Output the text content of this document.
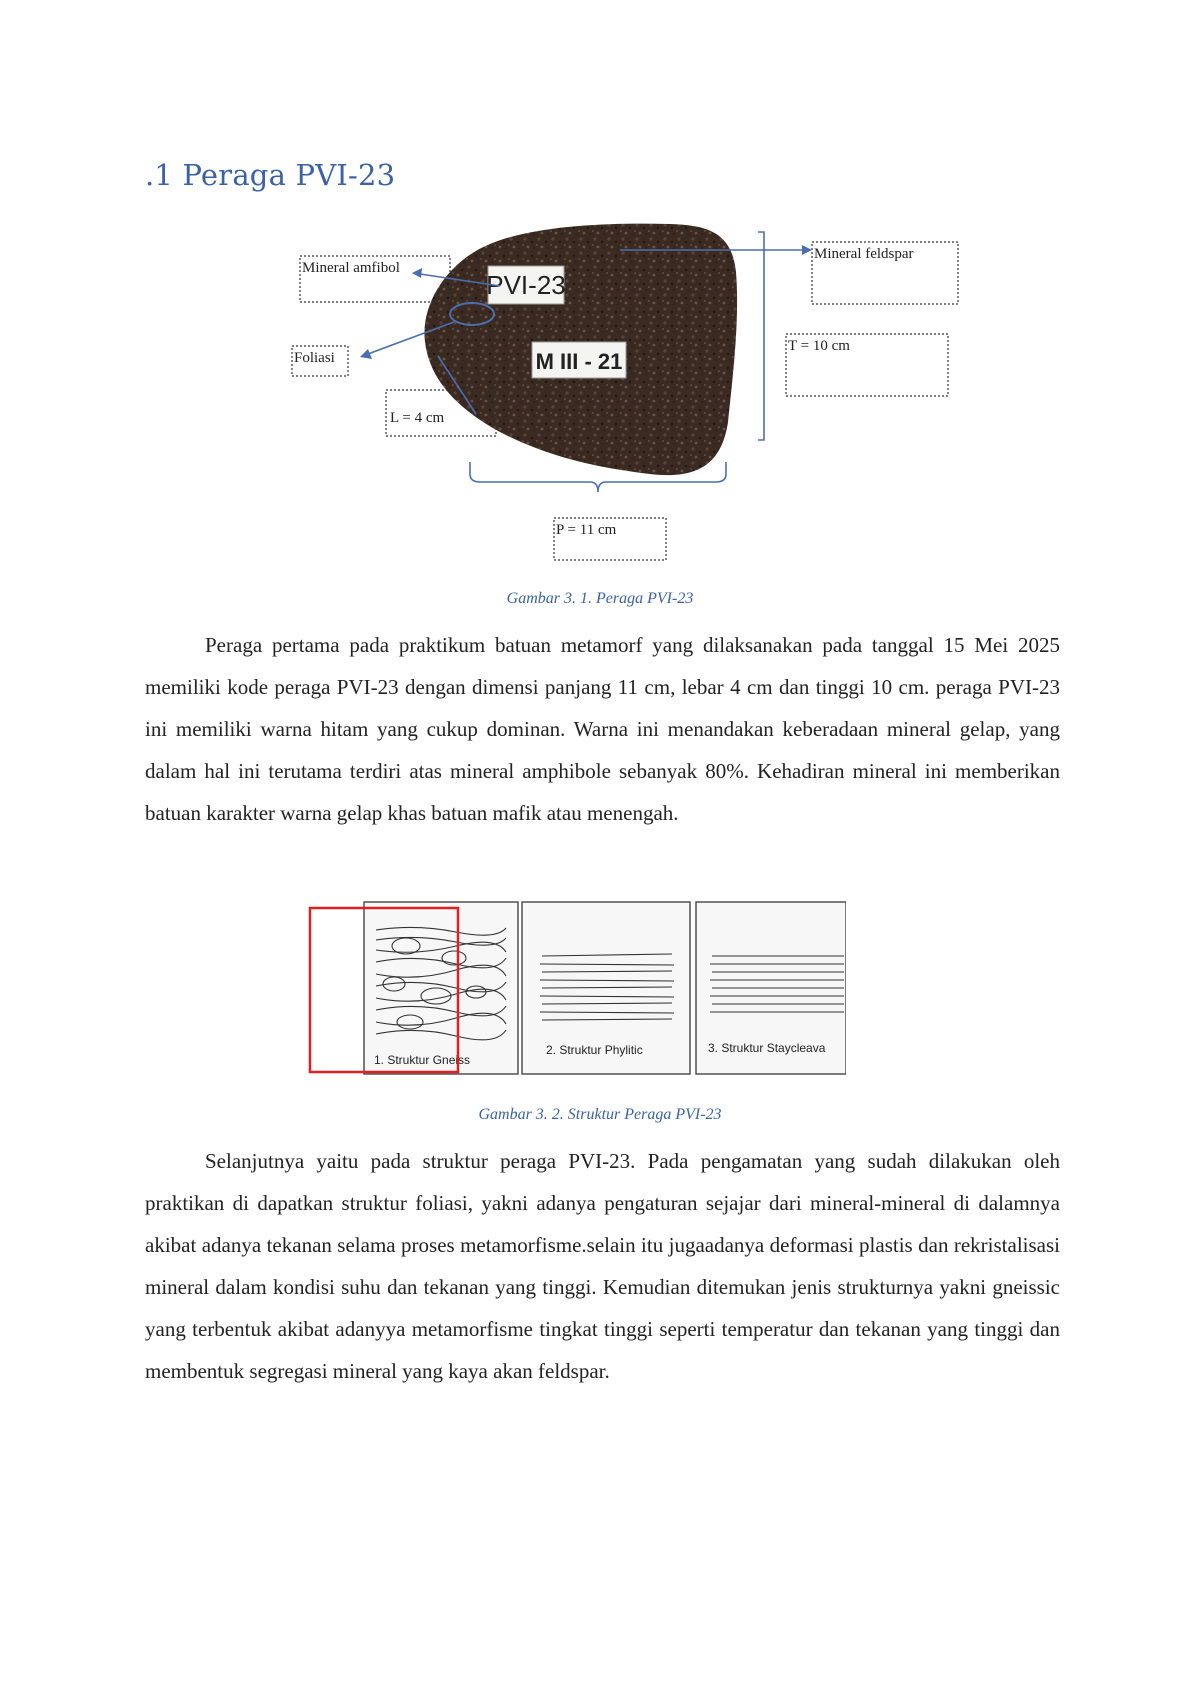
.1 Peraga PVI-23
PVI-23
M III - 21
Mineral amfibol
Foliasi
L = 4 cm
Mineral feldspar
T = 10 cm
P = 11 cm

Gambar 3. 1. Peraga PVI-23

Peraga pertama pada praktikum batuan metamorf yang dilaksanakan pada tanggal 15 Mei 2025 memiliki kode peraga PVI-23 dengan dimensi panjang 11 cm, lebar 4 cm dan tinggi 10 cm. peraga PVI-23 ini memiliki warna hitam yang cukup dominan. Warna ini menandakan keberadaan mineral gelap, yang dalam hal ini terutama terdiri atas mineral amphibole sebanyak 80%. Kehadiran mineral ini memberikan batuan karakter warna gelap khas batuan mafik atau menengah.

1. Struktur Gneiss
2. Struktur Phylitic	3. Struktur Staycleava

Gambar 3. 2. Struktur Peraga PVI-23

Selanjutnya yaitu pada struktur peraga PVI-23. Pada pengamatan yang sudah dilakukan oleh praktikan di dapatkan struktur foliasi, yakni adanya pengaturan sejajar dari mineral-mineral di dalamnya akibat adanya tekanan selama proses metamorfisme.selain itu jugaadanya deformasi plastis dan rekristalisasi mineral dalam kondisi suhu dan tekanan yang tinggi. Kemudian ditemukan jenis strukturnya yakni gneissic yang terbentuk akibat adanyya metamorfisme tingkat tinggi seperti temperatur dan tekanan yang tinggi dan membentuk segregasi mineral yang kaya akan feldspar.
